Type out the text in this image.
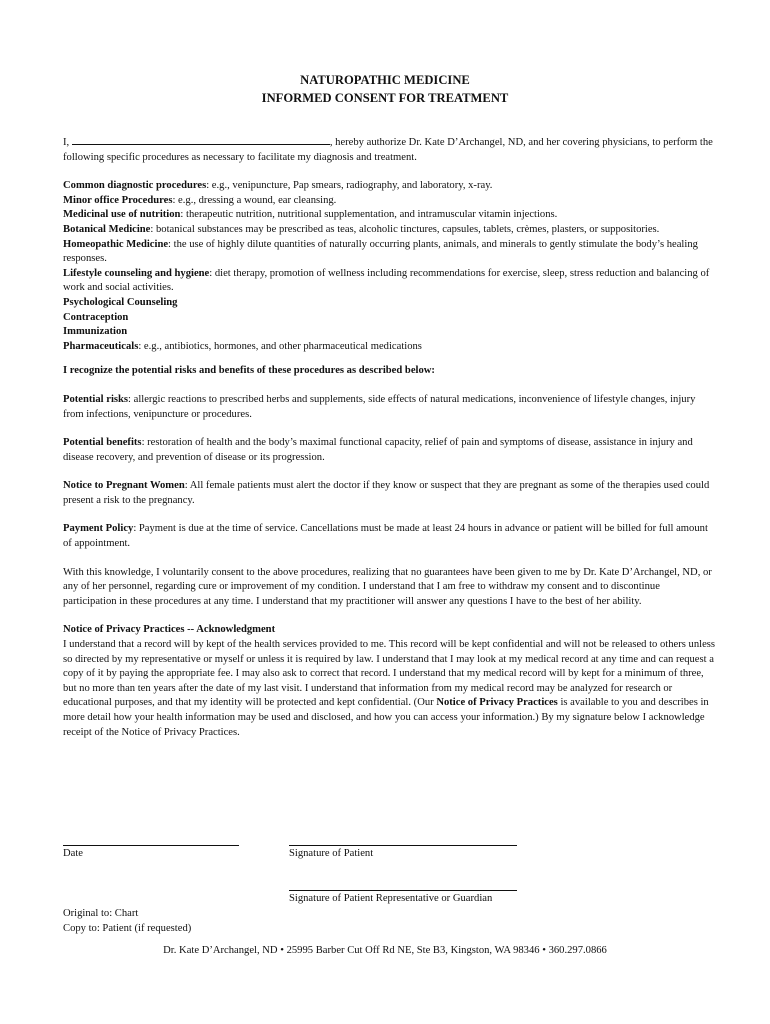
NATUROPATHIC MEDICINE
INFORMED CONSENT FOR TREATMENT

I,	, hereby authorize Dr. Kate D’Archangel, ND, and her covering physicians, to perform the following specific procedures as necessary to facilitate my diagnosis and treatment.

Common diagnostic procedures: e.g., venipuncture, Pap smears, radiography, and laboratory, x-ray.

Minor office Procedures: e.g., dressing a wound, ear cleansing.

Medicinal use of nutrition: therapeutic nutrition, nutritional supplementation, and intramuscular vitamin injections.

Botanical Medicine: botanical substances may be prescribed as teas, alcoholic tinctures, capsules, tablets, crèmes, plasters, or suppositories.

Homeopathic Medicine: the use of highly dilute quantities of naturally occurring plants, animals, and minerals to gently stimulate the body’s healing responses.

Lifestyle counseling and hygiene: diet therapy, promotion of wellness including recommendations for exercise, sleep, stress reduction and balancing of work and social activities.

Psychological Counseling

Contraception

Immunization

Pharmaceuticals: e.g., antibiotics, hormones, and other pharmaceutical medications

I recognize the potential risks and benefits of these procedures as described below:

Potential risks: allergic reactions to prescribed herbs and supplements, side effects of natural medications, inconvenience of lifestyle changes, injury from infections, venipuncture or procedures.

Potential benefits: restoration of health and the body’s maximal functional capacity, relief of pain and symptoms of disease, assistance in injury and disease recovery, and prevention of disease or its progression.

Notice to Pregnant Women: All female patients must alert the doctor if they know or suspect that they are pregnant as some of the therapies used could present a risk to the pregnancy.

Payment Policy: Payment is due at the time of service. Cancellations must be made at least 24 hours in advance or patient will be billed for full amount of appointment.

With this knowledge, I voluntarily consent to the above procedures, realizing that no guarantees have been given to me by Dr. Kate D’Archangel, ND, or any of her personnel, regarding cure or improvement of my condition. I understand that I am free to withdraw my consent and to discontinue participation in these procedures at any time. I understand that my practitioner will answer any questions I have to the best of her ability.

Notice of Privacy Practices -- Acknowledgment

I understand that a record will by kept of the health services provided to me. This record will be kept confidential and will not be released to others unless so directed by my representative or myself or unless it is required by law. I understand that I may look at my medical record at any time and can request a copy of it by paying the appropriate fee. I may also ask to correct that record. I understand that my medical record will by kept for a minimum of three, but no more than ten years after the date of my last visit. I understand that information from my medical record may be analyzed for research or educational purposes, and that my identity will be protected and kept confidential. (Our Notice of Privacy Practices is available to you and describes in more detail how your health information may be used and disclosed, and how you can access your information.) By my signature below I acknowledge receipt of the Notice of Privacy Practices.

Date	Signature of Patient
Signature of Patient Representative or Guardian
Original to: Chart
Copy to: Patient (if requested)
Dr. Kate D’Archangel, ND • 25995 Barber Cut Off Rd NE, Ste B3, Kingston, WA 98346 • 360.297.0866
